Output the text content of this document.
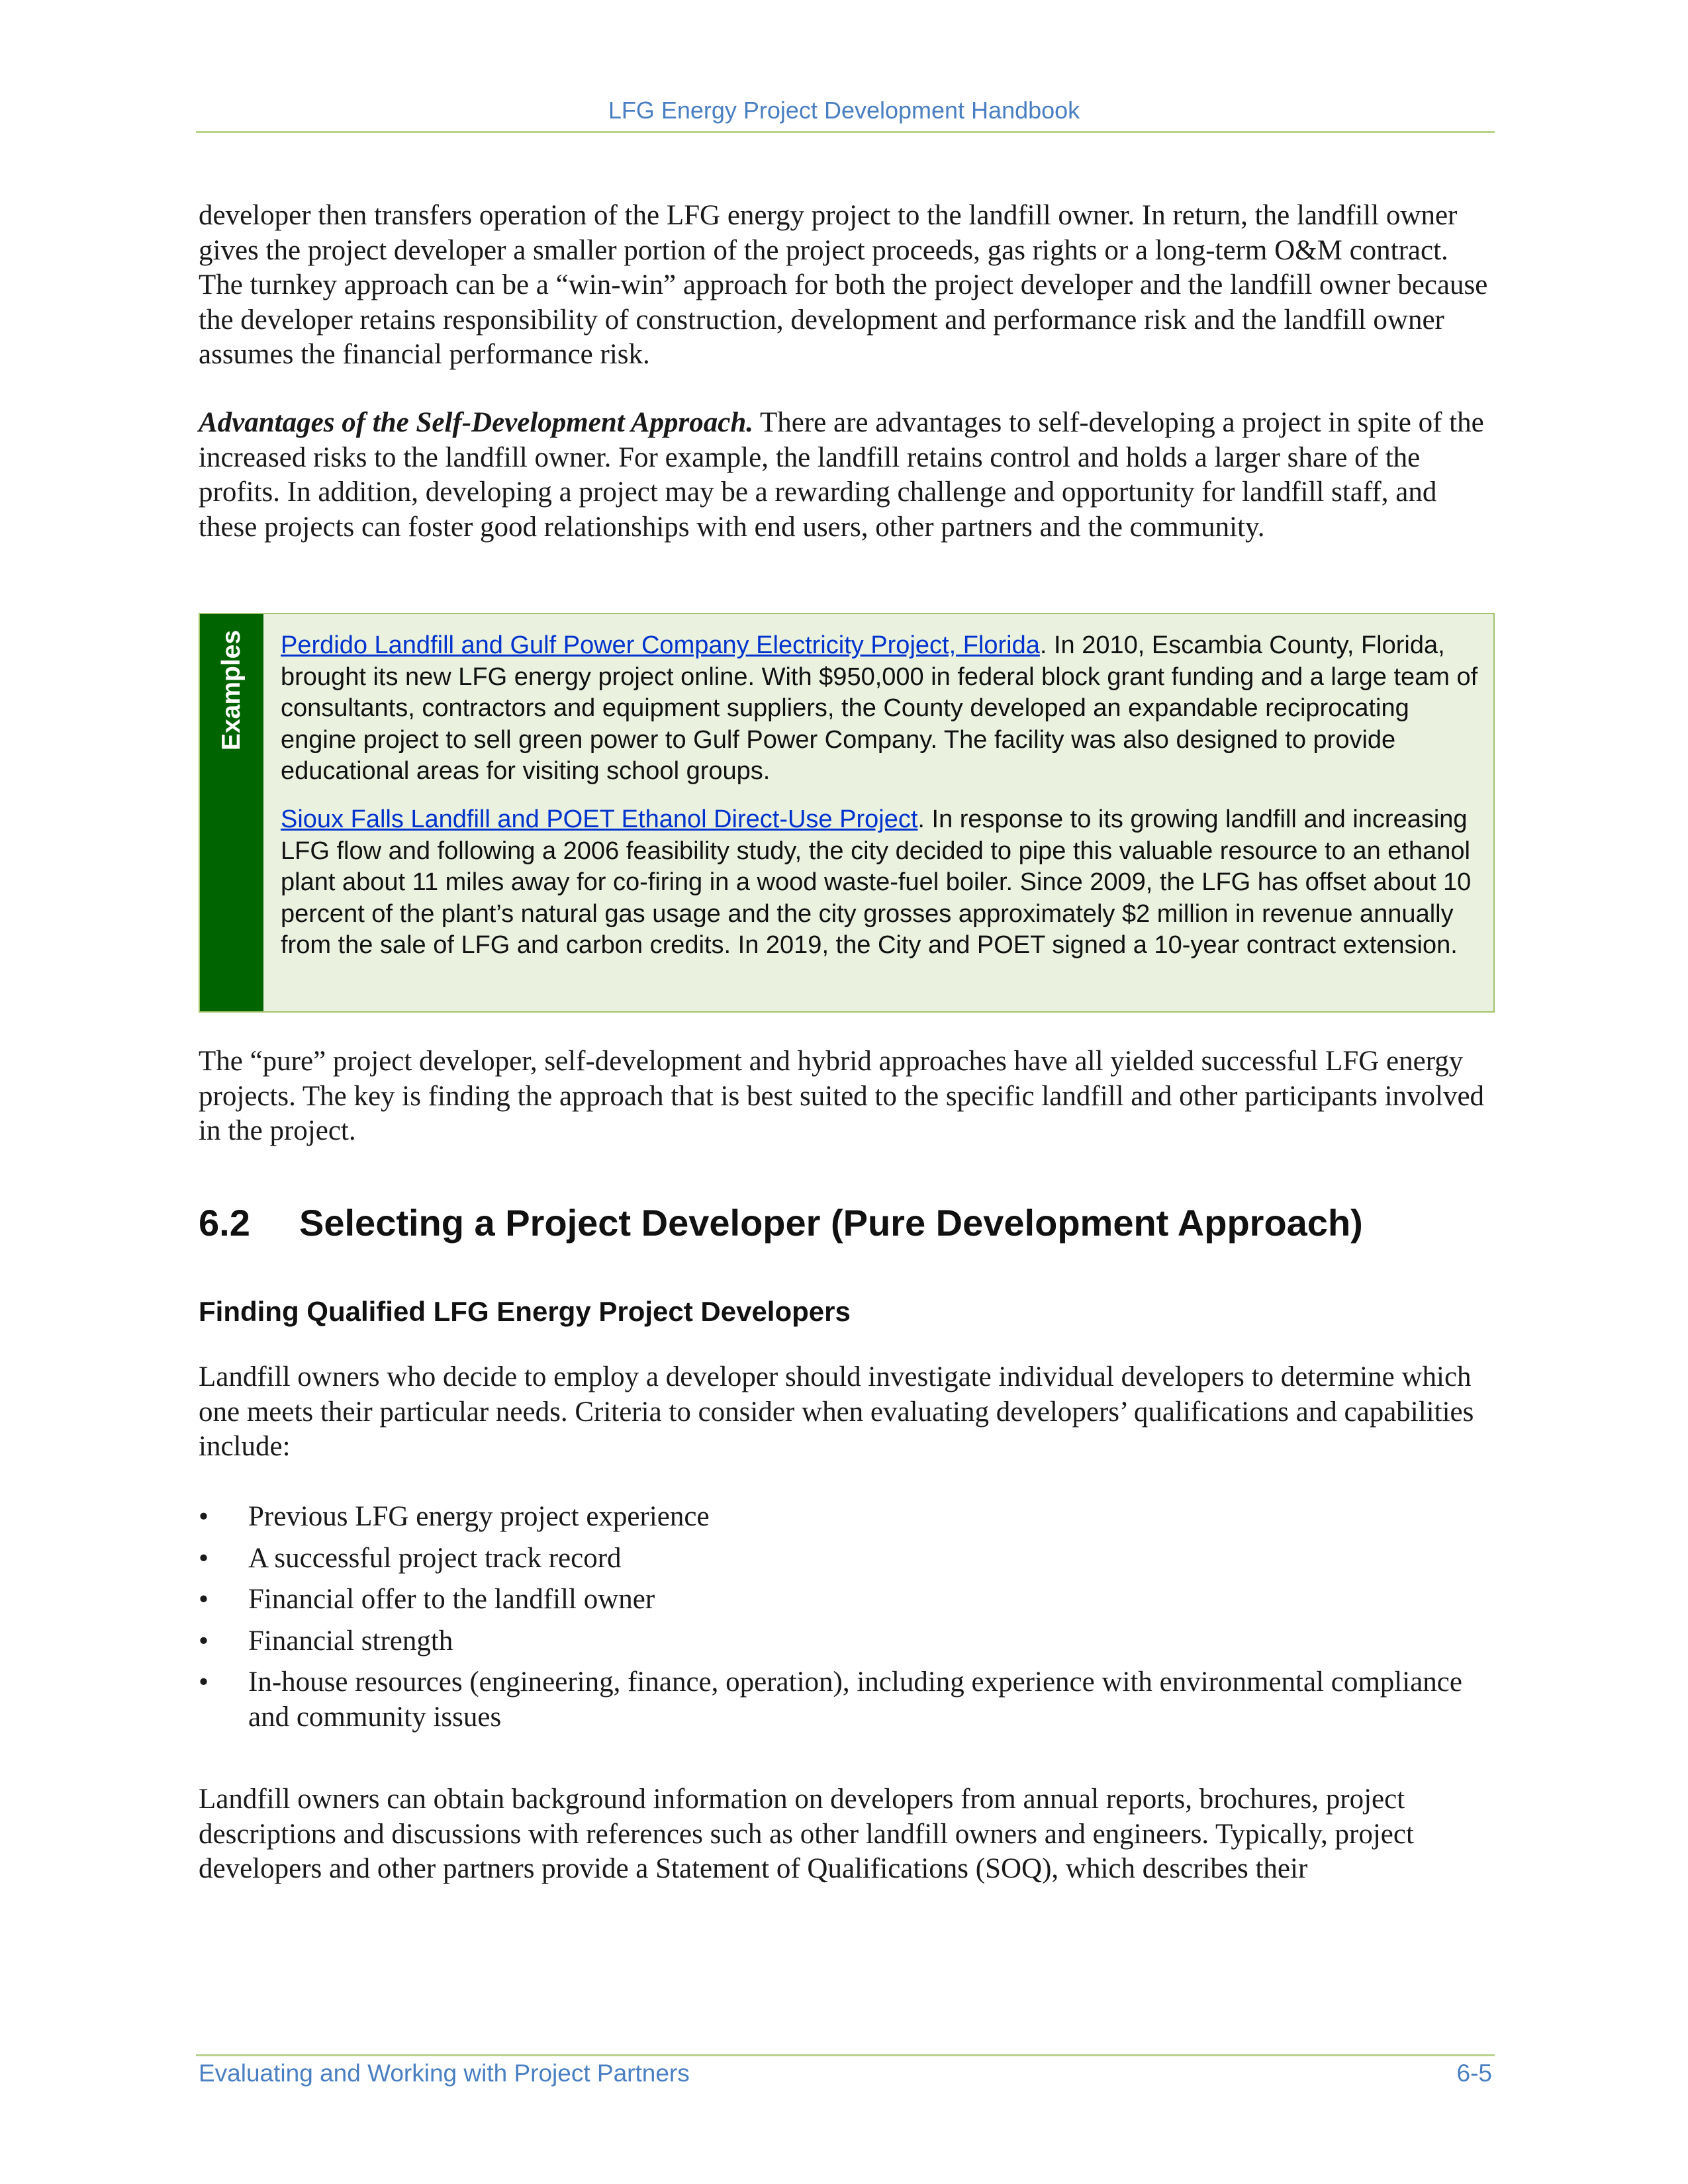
LFG Energy Project Development Handbook

developer then transfers operation of the LFG energy project to the landfill owner. In return, the landfill owner gives the project developer a smaller portion of the project proceeds, gas rights or a long-term O&M contract. The turnkey approach can be a “win-win” approach for both the project developer and the landfill owner because the developer retains responsibility of construction, development and performance risk and the landfill owner assumes the financial performance risk.

Advantages of the Self-Development Approach. There are advantages to self-developing a project in spite of the increased risks to the landfill owner. For example, the landfill retains control and holds a larger share of the profits. In addition, developing a project may be a rewarding challenge and opportunity for landfill staff, and these projects can foster good relationships with end users, other partners and the community.

Examples Perdido Landfill and Gulf Power Company Electricity Project, Florida. In 2010, Escambia County, Florida, brought its new LFG energy project online. With $950,000 in federal block grant funding and a large team of consultants, contractors and equipment suppliers, the County developed an expandable reciprocating engine project to sell green power to Gulf Power Company. The facility was also designed to provide educational areas for visiting school groups.

Sioux Falls Landfill and POET Ethanol Direct-Use Project. In response to its growing landfill and increasing LFG flow and following a 2006 feasibility study, the city decided to pipe this valuable resource to an ethanol plant about 11 miles away for co-firing in a wood waste-fuel boiler. Since 2009, the LFG has offset about 10 percent of the plant’s natural gas usage and the city grosses approximately $2 million in revenue annually from the sale of LFG and carbon credits. In 2019, the City and POET signed a 10-year contract extension.

The “pure” project developer, self-development and hybrid approaches have all yielded successful LFG energy projects. The key is finding the approach that is best suited to the specific landfill and other participants involved in the project.

6.2 Selecting a Project Developer (Pure Development Approach)
Finding Qualified LFG Energy Project Developers

Landfill owners who decide to employ a developer should investigate individual developers to determine which one meets their particular needs. Criteria to consider when evaluating developers’ qualifications and capabilities include:

• Previous LFG energy project experience
• A successful project track record
• Financial offer to the landfill owner
• Financial strength
• In-house resources (engineering, finance, operation), including experience with environmental compliance and community issues

Landfill owners can obtain background information on developers from annual reports, brochures, project descriptions and discussions with references such as other landfill owners and engineers. Typically, project developers and other partners provide a Statement of Qualifications (SOQ), which describes their

Evaluating and Working with Project Partners	6-5
